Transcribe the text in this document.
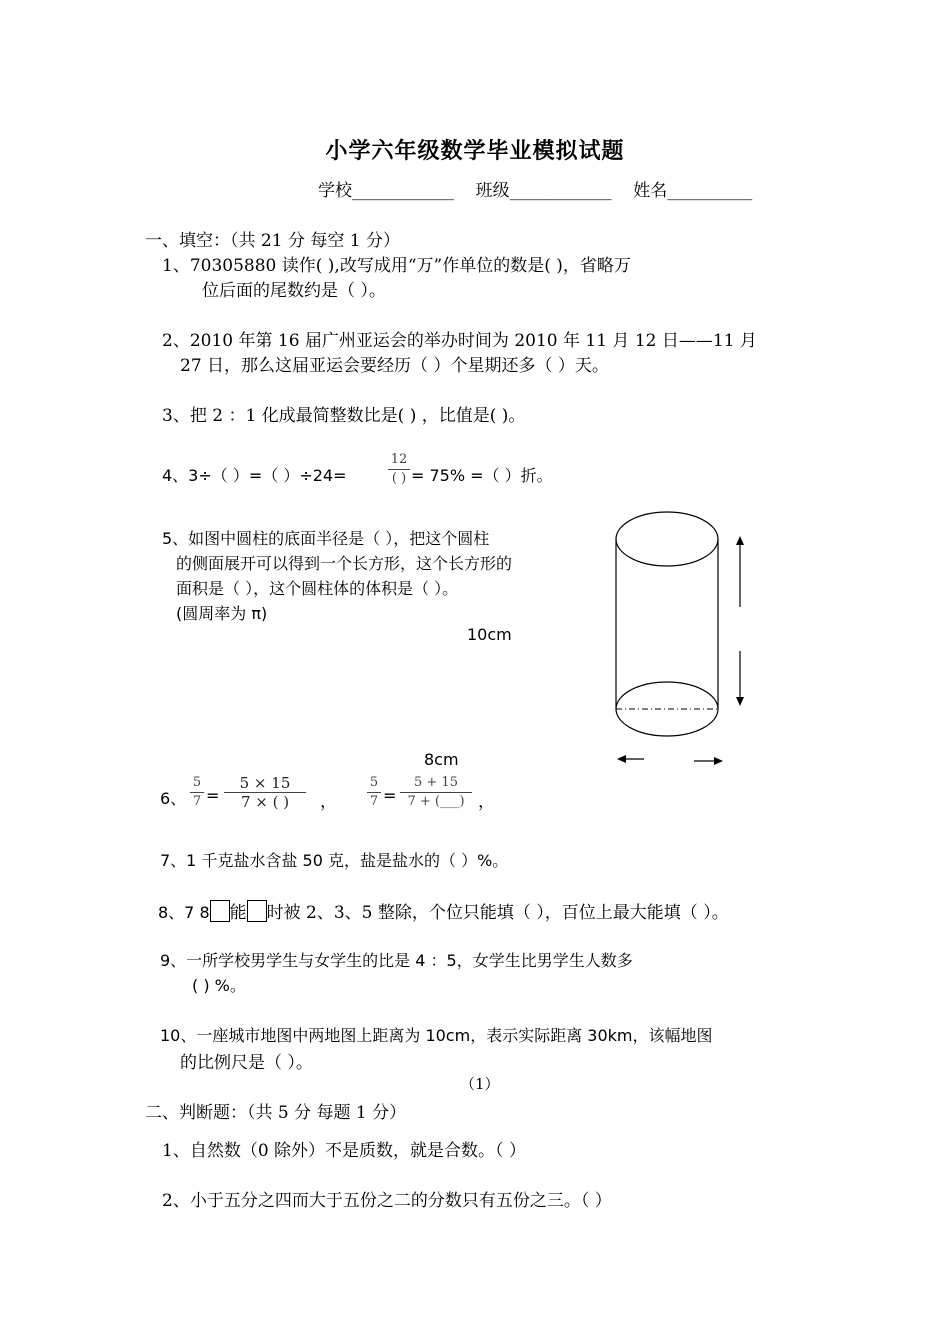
小学六年级数学毕业模拟试题
学校____________ 班级____________ 姓名__________
一、填空：（共 21 分 每空 1 分）
1、70305880 读作( ),改写成用“万”作单位的数是( )，省略万
位后面的尾数约是（ ）。
2、2010 年第 16 届广州亚运会的举办时间为 2010 年 11 月 12 日——11 月
27 日，那么这届亚运会要经历（ ）个星期还多（ ）天。
3、把 2 ：1 化成最简整数比是( ) ，比值是( )。
4、3÷（ ）=（ ）÷24=
12
( ) = 75% =（ ）折。
5、如图中圆柱的底面半径是（ ），把这个圆柱
的侧面展开可以得到一个长方形，这个长方形的
面积是（ ），这个圆柱体的体积是（ ）。
(圆周率为 π)
10cm
8cm
6、
5
7 =
5 × 15
7 × ( )	，
5
7 =
5 + 15
7 + (___) ，
7、1 千克盐水含盐 50 克，盐是盐水的（ ）%。
8、7 8 能 时被 2、3、5 整除，个位只能填（ ），百位上最大能填（ ）。
9、一所学校男学生与女学生的比是 4 ：5，女学生比男学生人数多
( ) %。
10、一座城市地图中两地图上距离为 10cm，表示实际距离 30km，该幅地图
的比例尺是（ ）。
（1）
二、判断题：（共 5 分 每题 1 分）
1、自然数（0 除外）不是质数，就是合数。（ ）
2、小于五分之四而大于五份之二的分数只有五份之三。（ ）
